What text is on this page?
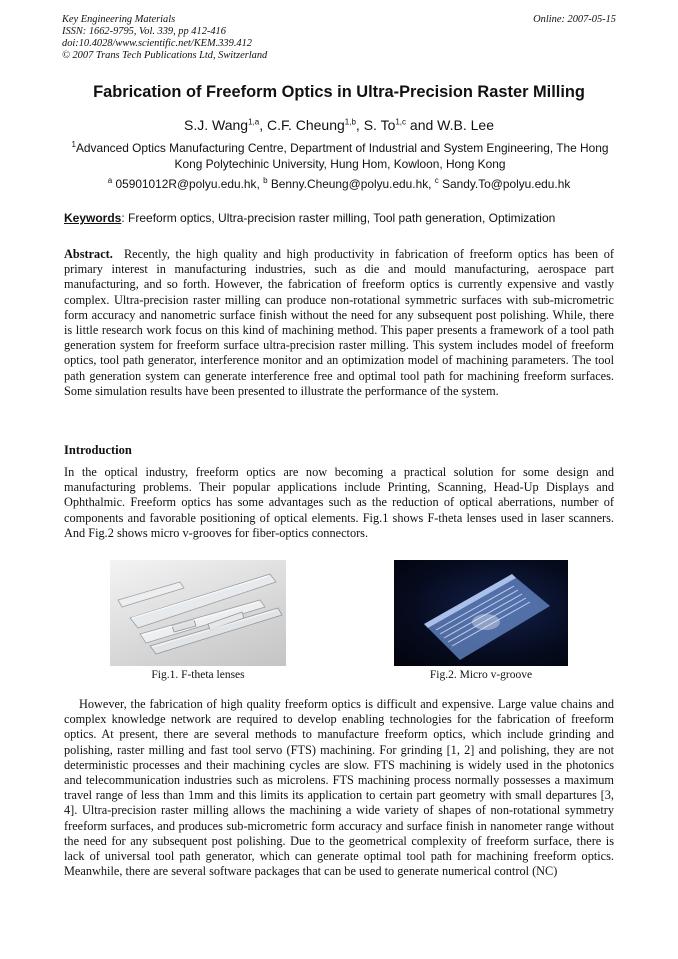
Key Engineering Materials
ISSN: 1662-9795, Vol. 339, pp 412-416
doi:10.4028/www.scientific.net/KEM.339.412
© 2007 Trans Tech Publications Ltd, Switzerland
Online: 2007-05-15
Fabrication of Freeform Optics in Ultra-Precision Raster Milling
S.J. Wang$^{1,a}$, C.F. Cheung$^{1,b}$, S. To$^{1,c}$ and W.B. Lee
$^1$Advanced Optics Manufacturing Centre, Department of Industrial and System Engineering, The Hong Kong Polytechinic University, Hung Hom, Kowloon, Hong Kong
$^a$ 05901012R@polyu.edu.hk, $^b$ Benny.Cheung@polyu.edu.hk, $^c$ Sandy.To@polyu.edu.hk
Keywords: Freeform optics, Ultra-precision raster milling, Tool path generation, Optimization

Abstract. Recently, the high quality and high productivity in fabrication of freeform optics has been of primary interest in manufacturing industries, such as die and mould manufacturing, aerospace part manufacturing, and so forth. However, the fabrication of freeform optics is currently expensive and vastly complex. Ultra-precision raster milling can produce non-rotational symmetric surfaces with sub-micrometric form accuracy and nanometric surface finish without the need for any subsequent post polishing. While, there is little research work focus on this kind of machining method. This paper presents a framework of a tool path generation system for freeform surface ultra-precision raster milling. This system includes model of freeform optics, tool path generator, interference monitor and an optimization model of machining parameters. The tool path generation system can generate interference free and optimal tool path for machining freeform surfaces. Some simulation results have been presented to illustrate the performance of the system.

Introduction

In the optical industry, freeform optics are now becoming a practical solution for some design and manufacturing problems. Their popular applications include Printing, Scanning, Head-Up Displays and Ophthalmic. Freeform optics has some advantages such as the reduction of optical aberrations, number of components and favorable positioning of optical elements. Fig.1 shows F-theta lenses used in laser scanners. And Fig.2 shows micro v-grooves for fiber-optics connectors.

Fig.1. F-theta lenses	Fig.2. Micro v-groove

However, the fabrication of high quality freeform optics is difficult and expensive. Large value chains and complex knowledge network are required to develop enabling technologies for the fabrication of freeform optics. At present, there are several methods to manufacture freeform optics, which include grinding and polishing, raster milling and fast tool servo (FTS) machining. For grinding [1, 2] and polishing, they are not deterministic processes and their machining cycles are slow. FTS machining is widely used in the photonics and telecommunication industries such as microlens. FTS machining process normally possesses a maximum travel range of less than 1mm and this limits its application to certain part geometry with small departures [3, 4]. Ultra-precision raster milling allows the machining a wide variety of shapes of non-rotational symmetry freeform surfaces, and produces sub-micrometric form accuracy and surface finish in nanometer range without the need for any subsequent post polishing. Due to the geometrical complexity of freeform surface, there is lack of universal tool path generator, which can generate optimal tool path for machining freeform optics. Meanwhile, there are several software packages that can be used to generate numerical control (NC)
